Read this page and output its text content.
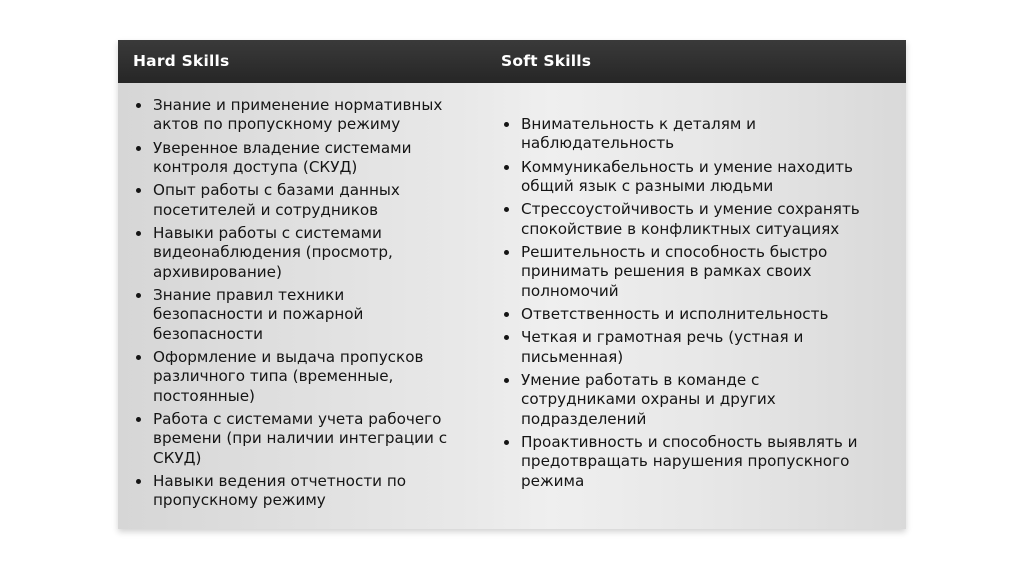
Hard Skills	Soft Skills
Знание и применение нормативных
актов по пропускному режиму
Уверенное владение системами
контроля доступа (СКУД)
Опыт работы с базами данных
посетителей и сотрудников
Навыки работы с системами
видеонаблюдения (просмотр,
архивирование)
Знание правил техники
безопасности и пожарной
безопасности
Оформление и выдача пропусков
различного типа (временные,
постоянные)
Работа с системами учета рабочего
времени (при наличии интеграции с
СКУД)
Навыки ведения отчетности по
пропускному режиму
Внимательность к деталям и
наблюдательность
Коммуникабельность и умение находить
общий язык с разными людьми
Стрессоустойчивость и умение сохранять
спокойствие в конфликтных ситуациях
Решительность и способность быстро
принимать решения в рамках своих
полномочий
Ответственность и исполнительность
Четкая и грамотная речь (устная и
письменная)
Умение работать в команде с
сотрудниками охраны и других
подразделений
Проактивность и способность выявлять и
предотвращать нарушения пропускного
режима
